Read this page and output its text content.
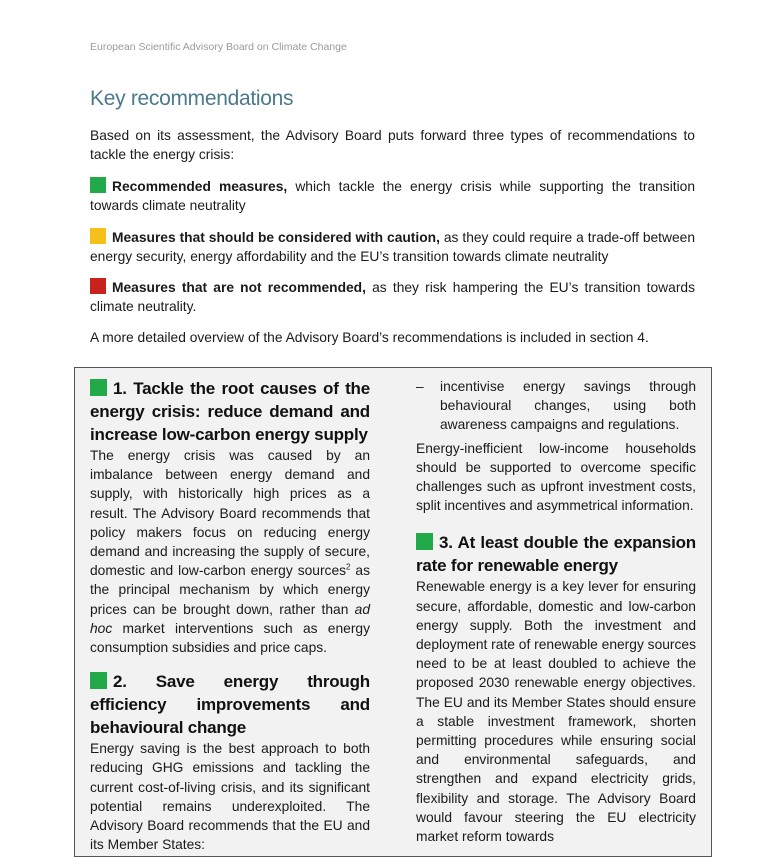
European Scientific Advisory Board on Climate Change
Key recommendations

Based on its assessment, the Advisory Board puts forward three types of recommendations to tackle the energy crisis:

Recommended measures, which tackle the energy crisis while supporting the transition towards climate neutrality

Measures that should be considered with caution, as they could require a trade-off between energy security, energy affordability and the EU’s transition towards climate neutrality

Measures that are not recommended, as they risk hampering the EU’s transition towards climate neutrality.

A more detailed overview of the Advisory Board’s recommendations is included in section 4.

1. Tackle the root causes of the energy crisis: reduce demand and increase low-carbon energy supply

The energy crisis was caused by an imbalance between energy demand and supply, with historically high prices as a result. The Advisory Board recommends that policy makers focus on reducing energy demand and increasing the supply of secure, domestic and low-carbon energy sources$^2$ as the principal mechanism by which energy prices can be brought down, rather than ad hoc market interventions such as energy consumption subsidies and price caps.

2. Save energy through efficiency improvements and behavioural change

Energy saving is the best approach to both reducing GHG emissions and tackling the current cost-of-living crisis, and its significant potential remains underexploited. The Advisory Board recommends that the EU and its Member States:

– incentivise energy savings through behavioural changes, using both awareness campaigns and regulations.

Energy-inefficient low-income households should be supported to overcome specific challenges such as upfront investment costs, split incentives and asymmetrical information.

3. At least double the expansion rate for renewable energy

Renewable energy is a key lever for ensuring secure, affordable, domestic and low-carbon energy supply. Both the investment and deployment rate of renewable energy sources need to be at least doubled to achieve the proposed 2030 renewable energy objectives. The EU and its Member States should ensure a stable investment framework, shorten permitting procedures while ensuring social and environmental safeguards, and strengthen and expand electricity grids, flexibility and storage. The Advisory Board would favour steering the EU electricity market reform towards
